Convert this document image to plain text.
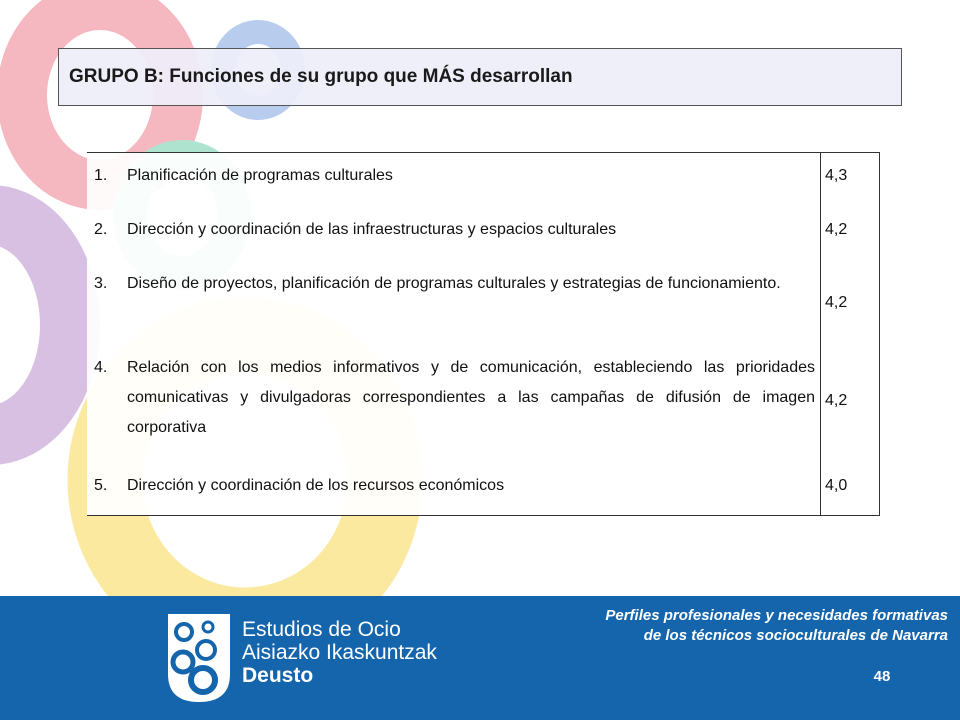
GRUPO B: Funciones de su grupo que MÁS desarrollan
1. Planificación de programas culturales	4,3
2. Dirección y coordinación de las infraestructuras y espacios culturales	4,2
3. Diseño de proyectos, planificación de programas culturales y estrategias de funcionamiento.
4,2
4. Relación con los medios informativos y de comunicación, estableciendo las prioridades comunicativas y divulgadoras correspondientes a las campañas de difusión de imagen corporativa
4,2
5. Dirección y coordinación de los recursos económicos	4,0
Estudios de Ocio
Aisiazko Ikaskuntzak
Deusto
Perfiles profesionales y necesidades formativas
de los técnicos socioculturales de Navarra
48
